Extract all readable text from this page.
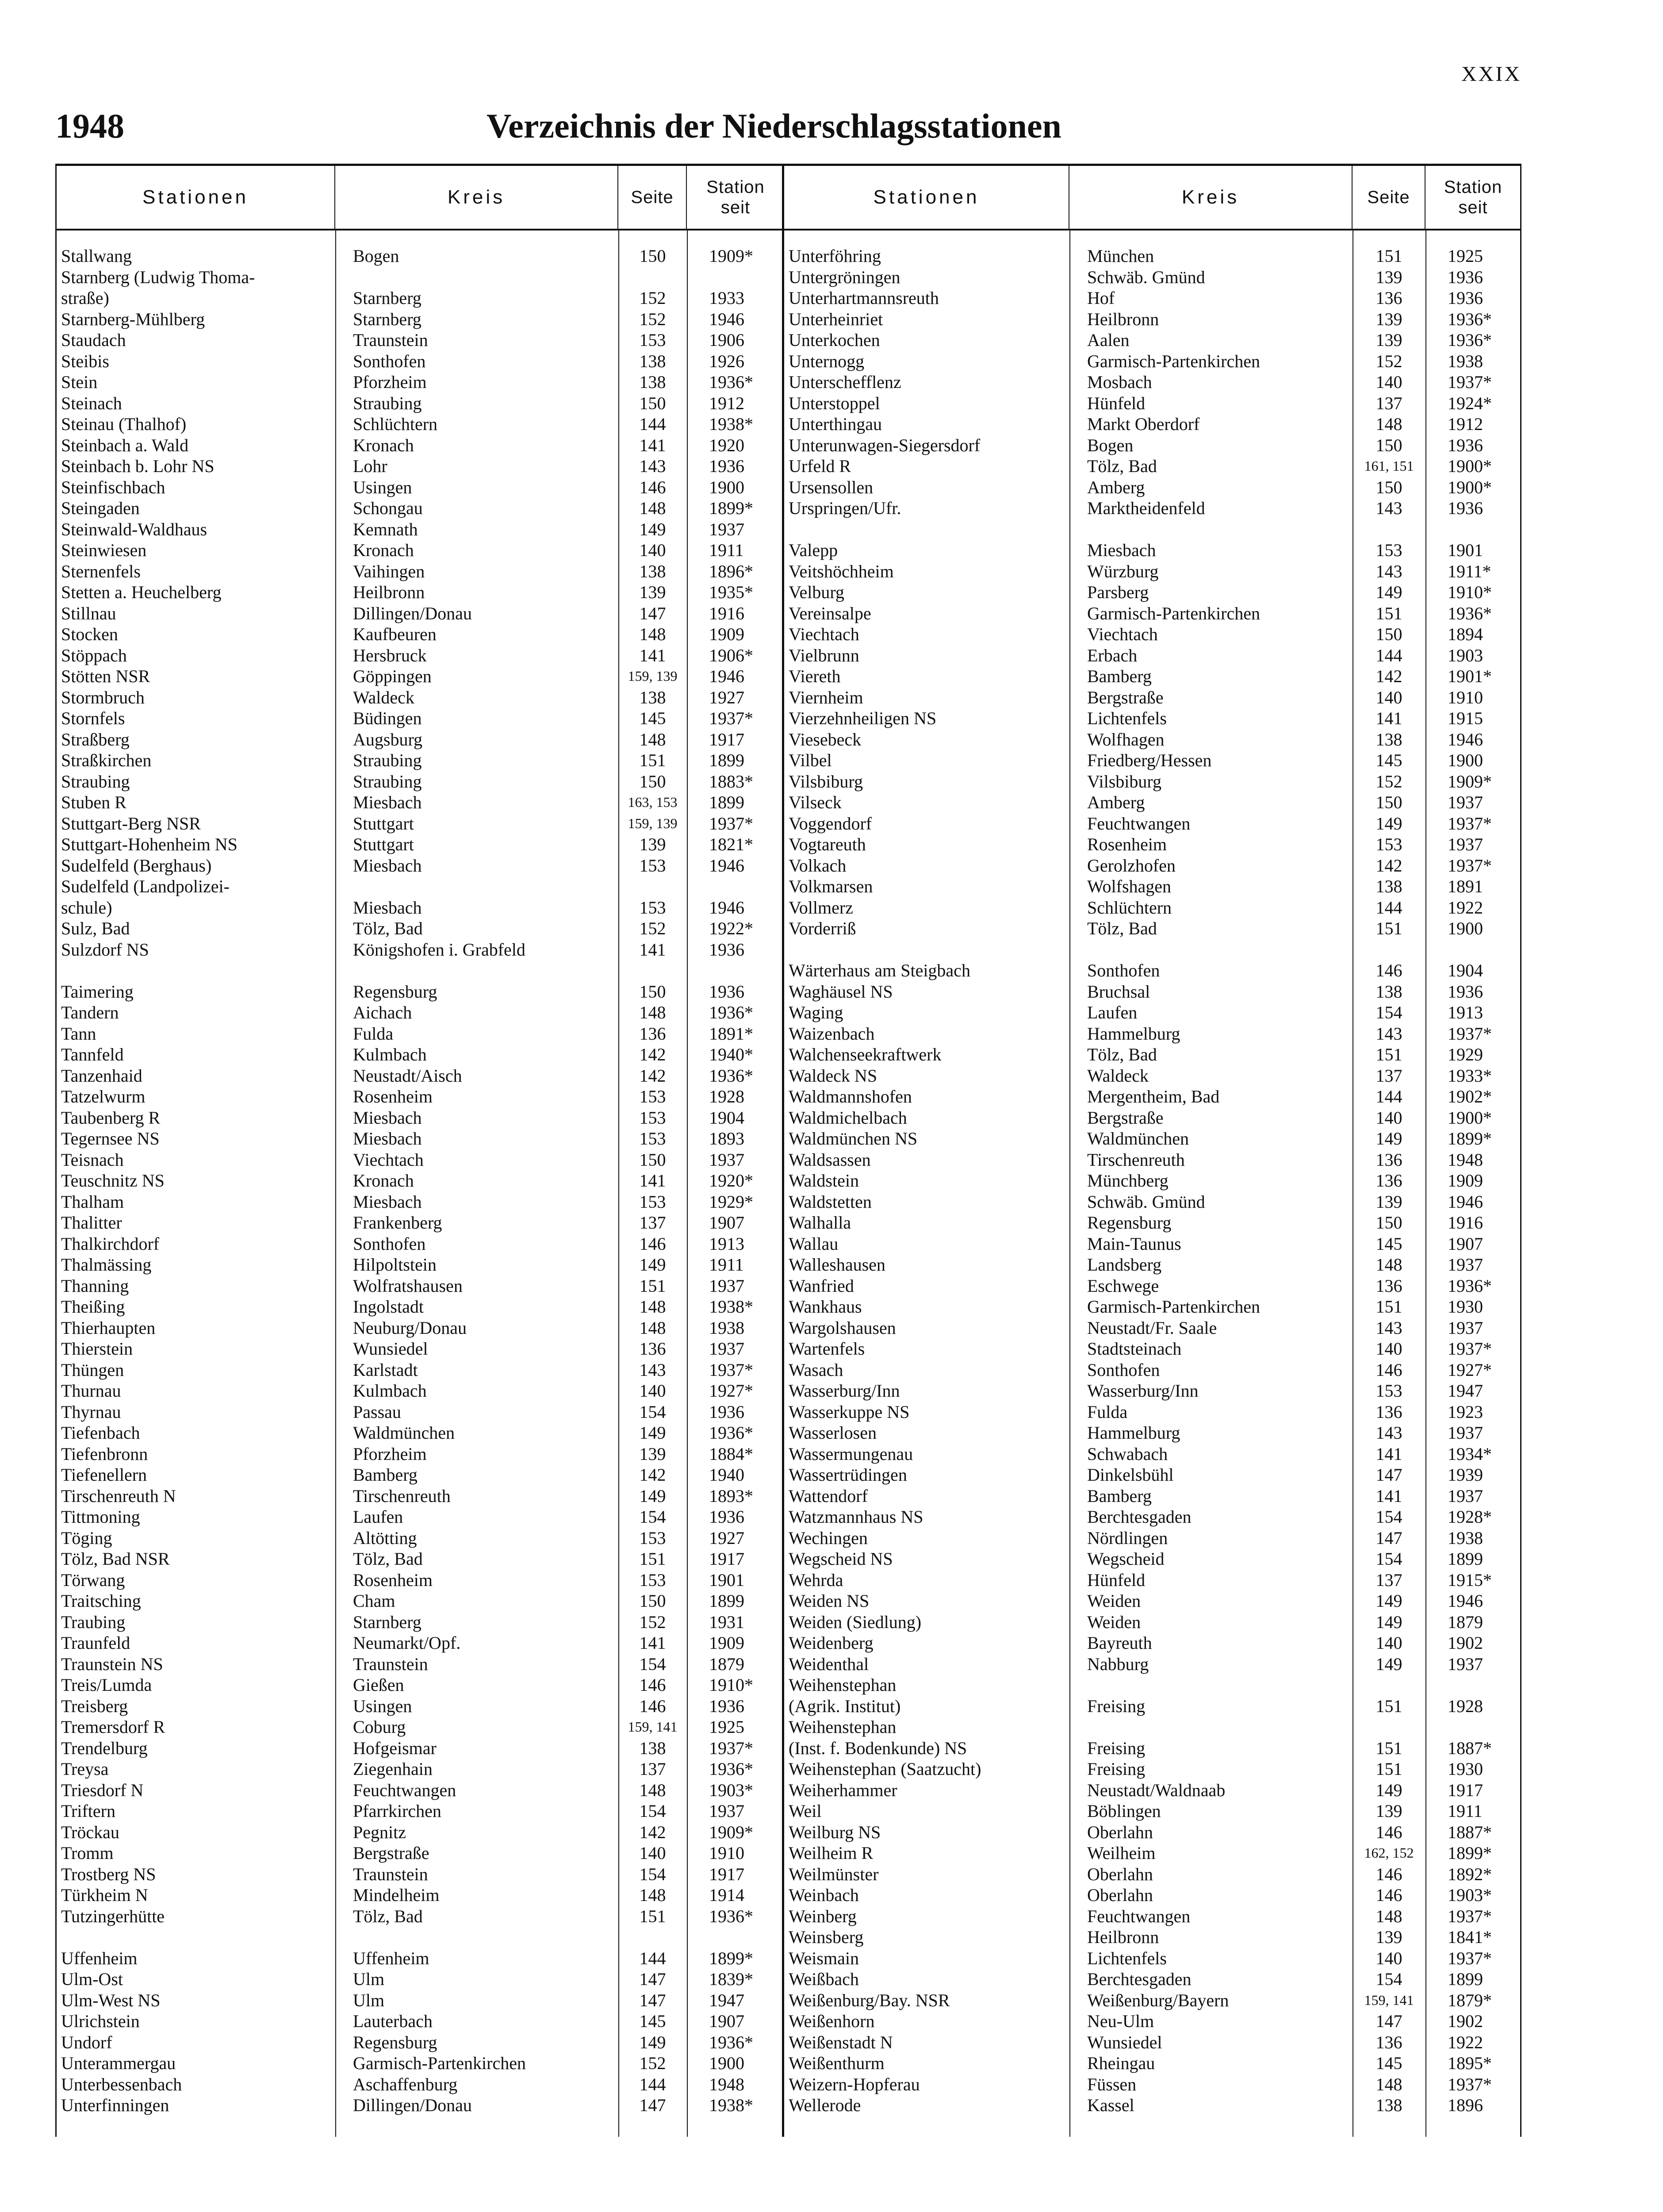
XXIX
1948	Verzeichnis der Niederschlagsstationen
Stationen	Kreis	Seite
Station
seit
Stallwang	Bogen	150	1909*
Starnberg (Ludwig Thoma-
straße)	Starnberg	152	1933
Starnberg-Mühlberg	Starnberg	152	1946
Staudach	Traunstein	153	1906
Steibis	Sonthofen	138	1926
Stein	Pforzheim	138	1936*
Steinach	Straubing	150	1912
Steinau (Thalhof)	Schlüchtern	144	1938*
Steinbach a. Wald	Kronach	141	1920
Steinbach b. Lohr NS	Lohr	143	1936
Steinfischbach	Usingen	146	1900
Steingaden	Schongau	148	1899*
Steinwald-Waldhaus	Kemnath	149	1937
Steinwiesen	Kronach	140	1911
Sternenfels	Vaihingen	138	1896*
Stetten a. Heuchelberg	Heilbronn	139	1935*
Stillnau	Dillingen/Donau	147	1916
Stocken	Kaufbeuren	148	1909
Stöppach	Hersbruck	141	1906*
Stötten NSR	Göppingen	159, 139	1946
Stormbruch	Waldeck	138	1927
Stornfels	Büdingen	145	1937*
Straßberg	Augsburg	148	1917
Straßkirchen	Straubing	151	1899
Straubing	Straubing	150	1883*
Stuben R	Miesbach	163, 153	1899
Stuttgart-Berg NSR	Stuttgart	159, 139	1937*
Stuttgart-Hohenheim NS	Stuttgart	139	1821*
Sudelfeld (Berghaus)	Miesbach	153	1946
Sudelfeld (Landpolizei-
schule)	Miesbach	153	1946
Sulz, Bad	Tölz, Bad	152	1922*
Sulzdorf NS	Königshofen i. Grabfeld	141	1936
Taimering	Regensburg	150	1936
Tandern	Aichach	148	1936*
Tann	Fulda	136	1891*
Tannfeld	Kulmbach	142	1940*
Tanzenhaid	Neustadt/Aisch	142	1936*
Tatzelwurm	Rosenheim	153	1928
Taubenberg R	Miesbach	153	1904
Tegernsee NS	Miesbach	153	1893
Teisnach	Viechtach	150	1937
Teuschnitz NS	Kronach	141	1920*
Thalham	Miesbach	153	1929*
Thalitter	Frankenberg	137	1907
Thalkirchdorf	Sonthofen	146	1913
Thalmässing	Hilpoltstein	149	1911
Thanning	Wolfratshausen	151	1937
Theißing	Ingolstadt	148	1938*
Thierhaupten	Neuburg/Donau	148	1938
Thierstein	Wunsiedel	136	1937
Thüngen	Karlstadt	143	1937*
Thurnau	Kulmbach	140	1927*
Thyrnau	Passau	154	1936
Tiefenbach	Waldmünchen	149	1936*
Tiefenbronn	Pforzheim	139	1884*
Tiefenellern	Bamberg	142	1940
Tirschenreuth N	Tirschenreuth	149	1893*
Tittmoning	Laufen	154	1936
Töging	Altötting	153	1927
Tölz, Bad NSR	Tölz, Bad	151	1917
Törwang	Rosenheim	153	1901
Traitsching	Cham	150	1899
Traubing	Starnberg	152	1931
Traunfeld	Neumarkt/Opf.	141	1909
Traunstein NS	Traunstein	154	1879
Treis/Lumda	Gießen	146	1910*
Treisberg	Usingen	146	1936
Tremersdorf R	Coburg	159, 141	1925
Trendelburg	Hofgeismar	138	1937*
Treysa	Ziegenhain	137	1936*
Triesdorf N	Feuchtwangen	148	1903*
Triftern	Pfarrkirchen	154	1937
Tröckau	Pegnitz	142	1909*
Tromm	Bergstraße	140	1910
Trostberg NS	Traunstein	154	1917
Türkheim N	Mindelheim	148	1914
Tutzingerhütte	Tölz, Bad	151	1936*
Uffenheim	Uffenheim	144	1899*
Ulm-Ost	Ulm	147	1839*
Ulm-West NS	Ulm	147	1947
Ulrichstein	Lauterbach	145	1907
Undorf	Regensburg	149	1936*
Unterammergau	Garmisch-Partenkirchen	152	1900
Unterbessenbach	Aschaffenburg	144	1948
Unterfinningen	Dillingen/Donau	147	1938*
Stationen	Kreis	Seite
Station
seit
Unterföhring	München	151	1925
Untergröningen	Schwäb. Gmünd	139	1936
Unterhartmannsreuth	Hof	136	1936
Unterheinriet	Heilbronn	139	1936*
Unterkochen	Aalen	139	1936*
Unternogg	Garmisch-Partenkirchen	152	1938
Unterschefflenz	Mosbach	140	1937*
Unterstoppel	Hünfeld	137	1924*
Unterthingau	Markt Oberdorf	148	1912
Unterunwagen-Siegersdorf	Bogen	150	1936
Urfeld R	Tölz, Bad	161, 151	1900*
Ursensollen	Amberg	150	1900*
Urspringen/Ufr.	Marktheidenfeld	143	1936
Valepp	Miesbach	153	1901
Veitshöchheim	Würzburg	143	1911*
Velburg	Parsberg	149	1910*
Vereinsalpe	Garmisch-Partenkirchen	151	1936*
Viechtach	Viechtach	150	1894
Vielbrunn	Erbach	144	1903
Viereth	Bamberg	142	1901*
Viernheim	Bergstraße	140	1910
Vierzehnheiligen NS	Lichtenfels	141	1915
Viesebeck	Wolfhagen	138	1946
Vilbel	Friedberg/Hessen	145	1900
Vilsbiburg	Vilsbiburg	152	1909*
Vilseck	Amberg	150	1937
Voggendorf	Feuchtwangen	149	1937*
Vogtareuth	Rosenheim	153	1937
Volkach	Gerolzhofen	142	1937*
Volkmarsen	Wolfshagen	138	1891
Vollmerz	Schlüchtern	144	1922
Vorderriß	Tölz, Bad	151	1900
Wärterhaus am Steigbach	Sonthofen	146	1904
Waghäusel NS	Bruchsal	138	1936
Waging	Laufen	154	1913
Waizenbach	Hammelburg	143	1937*
Walchenseekraftwerk	Tölz, Bad	151	1929
Waldeck NS	Waldeck	137	1933*
Waldmannshofen	Mergentheim, Bad	144	1902*
Waldmichelbach	Bergstraße	140	1900*
Waldmünchen NS	Waldmünchen	149	1899*
Waldsassen	Tirschenreuth	136	1948
Waldstein	Münchberg	136	1909
Waldstetten	Schwäb. Gmünd	139	1946
Walhalla	Regensburg	150	1916
Wallau	Main-Taunus	145	1907
Walleshausen	Landsberg	148	1937
Wanfried	Eschwege	136	1936*
Wankhaus	Garmisch-Partenkirchen	151	1930
Wargolshausen	Neustadt/Fr. Saale	143	1937
Wartenfels	Stadtsteinach	140	1937*
Wasach	Sonthofen	146	1927*
Wasserburg/Inn	Wasserburg/Inn	153	1947
Wasserkuppe NS	Fulda	136	1923
Wasserlosen	Hammelburg	143	1937
Wassermungenau	Schwabach	141	1934*
Wassertrüdingen	Dinkelsbühl	147	1939
Wattendorf	Bamberg	141	1937
Watzmannhaus NS	Berchtesgaden	154	1928*
Wechingen	Nördlingen	147	1938
Wegscheid NS	Wegscheid	154	1899
Wehrda	Hünfeld	137	1915*
Weiden NS	Weiden	149	1946
Weiden (Siedlung)	Weiden	149	1879
Weidenberg	Bayreuth	140	1902
Weidenthal	Nabburg	149	1937
Weihenstephan
(Agrik. Institut)	Freising	151	1928
Weihenstephan
(Inst. f. Bodenkunde) NS	Freising	151	1887*
Weihenstephan (Saatzucht)	Freising	151	1930
Weiherhammer	Neustadt/Waldnaab	149	1917
Weil	Böblingen	139	1911
Weilburg NS	Oberlahn	146	1887*
Weilheim R	Weilheim	162, 152	1899*
Weilmünster	Oberlahn	146	1892*
Weinbach	Oberlahn	146	1903*
Weinberg	Feuchtwangen	148	1937*
Weinsberg	Heilbronn	139	1841*
Weismain	Lichtenfels	140	1937*
Weißbach	Berchtesgaden	154	1899
Weißenburg/Bay. NSR	Weißenburg/Bayern	159, 141	1879*
Weißenhorn	Neu-Ulm	147	1902
Weißenstadt N	Wunsiedel	136	1922
Weißenthurm	Rheingau	145	1895*
Weizern-Hopferau	Füssen	148	1937*
Wellerode	Kassel	138	1896
